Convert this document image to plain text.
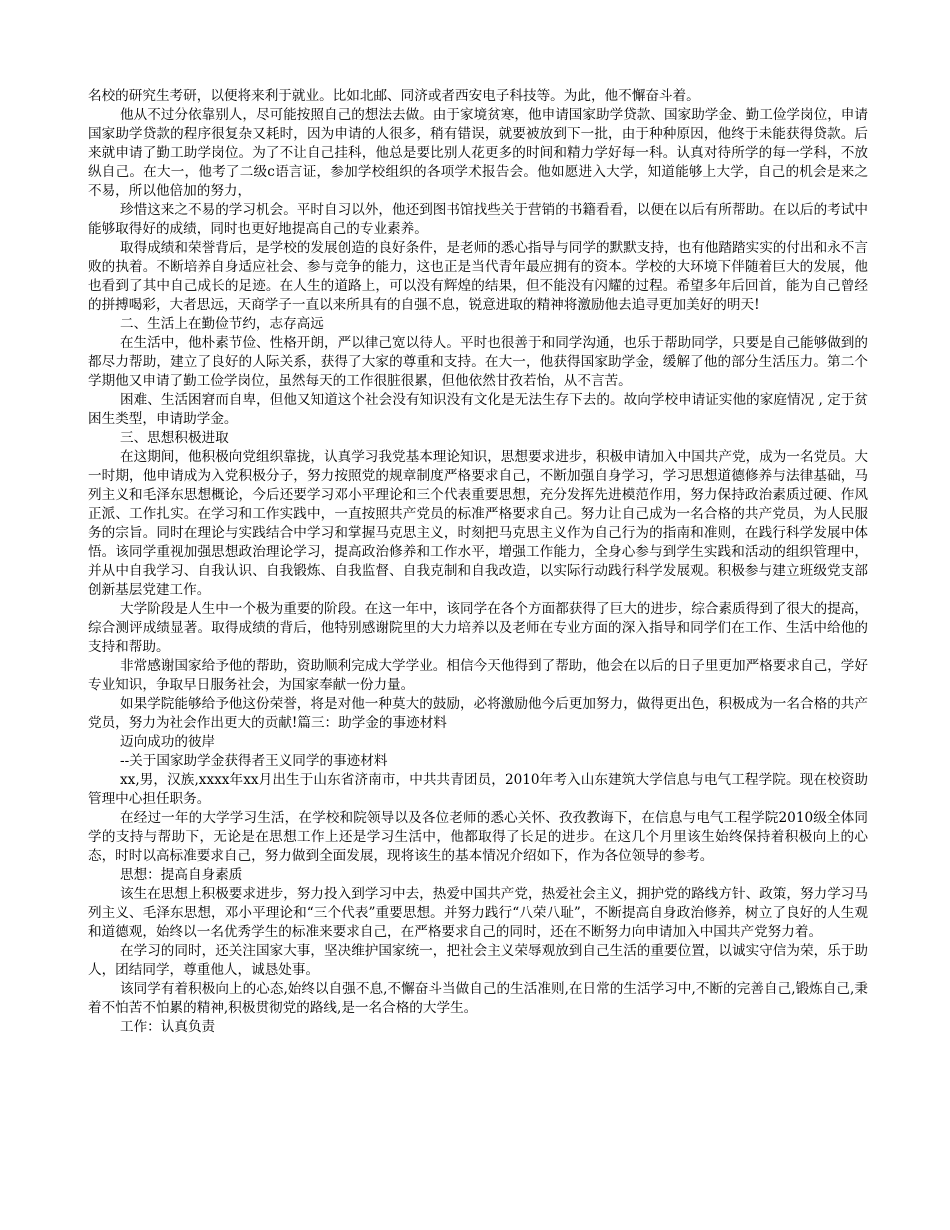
名校的研究生考研，以便将来利于就业。比如北邮、同济或者西安电子科技等。为此，他不懈奋斗着。

他从不过分依靠别人，尽可能按照自己的想法去做。由于家境贫寒，他申请国家助学贷款、国家助学金、勤工俭学岗位，申请国家助学贷款的程序很复杂又耗时，因为申请的人很多，稍有错误，就要被放到下一批，由于种种原因，他终于未能获得贷款。后来就申请了勤工助学岗位。为了不让自己挂科，他总是要比别人花更多的时间和精力学好每一科。认真对待所学的每一学科，不放纵自己。在大一，他考了二级c语言证，参加学校组织的各项学术报告会。他如愿进入大学，知道能够上大学，自己的机会是来之不易，所以他倍加的努力，

珍惜这来之不易的学习机会。平时自习以外，他还到图书馆找些关于营销的书籍看看，以便在以后有所帮助。在以后的考试中能够取得好的成绩，同时也更好地提高自己的专业素养。

取得成绩和荣誉背后，是学校的发展创造的良好条件，是老师的悉心指导与同学的默默支持，也有他踏踏实实的付出和永不言败的执着。不断培养自身适应社会、参与竞争的能力，这也正是当代青年最应拥有的资本。学校的大环境下伴随着巨大的发展，他也看到了其中自己成长的足迹。在人生的道路上，可以没有辉煌的结果，但不能没有闪耀的过程。希望多年后回首，能为自己曾经的拼搏喝彩，大者思远，天商学子一直以来所具有的自强不息，锐意进取的精神将激励他去追寻更加美好的明天!

二、生活上在勤俭节约，志存高远

在生活中，他朴素节俭、性格开朗，严以律己宽以待人。平时也很善于和同学沟通，也乐于帮助同学，只要是自己能够做到的都尽力帮助，建立了良好的人际关系，获得了大家的尊重和支持。在大一，他获得国家助学金，缓解了他的部分生活压力。第二个学期他又申请了勤工俭学岗位，虽然每天的工作很脏很累，但他依然甘孜若怡，从不言苦。

困难、生活困窘而自卑，但他又知道这个社会没有知识没有文化是无法生存下去的。故向学校申请证实他的家庭情况 , 定于贫困生类型，申请助学金。

三、思想积极进取

在这期间，他积极向党组织靠拢，认真学习我党基本理论知识，思想要求进步，积极申请加入中国共产党，成为一名党员。大一时期，他申请成为入党积极分子，努力按照党的规章制度严格要求自己，不断加强自身学习，学习思想道德修养与法律基础，马列主义和毛泽东思想概论，今后还要学习邓小平理论和三个代表重要思想，充分发挥先进模范作用，努力保持政治素质过硬、作风正派、工作扎实。在学习和工作实践中，一直按照共产党员的标准严格要求自己。努力让自己成为一名合格的共产党员，为人民服务的宗旨。同时在理论与实践结合中学习和掌握马克思主义，时刻把马克思主义作为自己行为的指南和准则，在践行科学发展中体悟。该同学重视加强思想政治理论学习，提高政治修养和工作水平，增强工作能力，全身心参与到学生实践和活动的组织管理中，并从中自我学习、自我认识、自我锻炼、自我监督、自我克制和自我改造，以实际行动践行科学发展观。积极参与建立班级党支部创新基层党建工作。

大学阶段是人生中一个极为重要的阶段。在这一年中，该同学在各个方面都获得了巨大的进步，综合素质得到了很大的提高，综合测评成绩显著。取得成绩的背后，他特别感谢院里的大力培养以及老师在专业方面的深入指导和同学们在工作、生活中给他的支持和帮助。

非常感谢国家给予他的帮助，资助顺利完成大学学业。相信今天他得到了帮助，他会在以后的日子里更加严格要求自己，学好专业知识，争取早日服务社会，为国家奉献一份力量。

如果学院能够给予他这份荣誉，将是对他一种莫大的鼓励，必将激励他今后更加努力，做得更出色，积极成为一名合格的共产党员，努力为社会作出更大的贡献!篇三：助学金的事迹材料

迈向成功的彼岸

--关于国家助学金获得者王义同学的事迹材料

xx,男，汉族,xxxx年xx月出生于山东省济南市，中共共青团员，2010年考入山东建筑大学信息与电气工程学院。现在校资助管理中心担任职务。

在经过一年的大学学习生活，在学校和院领导以及各位老师的悉心关怀、孜孜教诲下，在信息与电气工程学院2010级全体同学的支持与帮助下，无论是在思想工作上还是学习生活中，他都取得了长足的进步。在这几个月里该生始终保持着积极向上的心态，时时以高标准要求自己，努力做到全面发展，现将该生的基本情况介绍如下，作为各位领导的参考。

思想：提高自身素质

该生在思想上积极要求进步，努力投入到学习中去，热爱中国共产党，热爱社会主义，拥护党的路线方针、政策，努力学习马列主义、毛泽东思想，邓小平理论和“三个代表”重要思想。并努力践行“八荣八耻”，不断提高自身政治修养，树立了良好的人生观和道德观，始终以一名优秀学生的标准来要求自己，在严格要求自己的同时，还在不断努力向申请加入中国共产党努力着。

在学习的同时，还关注国家大事，坚决维护国家统一，把社会主义荣辱观放到自己生活的重要位置，以诚实守信为荣，乐于助人，团结同学，尊重他人，诚恳处事。

该同学有着积极向上的心态,始终以自强不息,不懈奋斗当做自己的生活准则,在日常的生活学习中,不断的完善自己,锻炼自己,秉着不怕苦不怕累的精神,积极贯彻党的路线,是一名合格的大学生。

工作：认真负责
